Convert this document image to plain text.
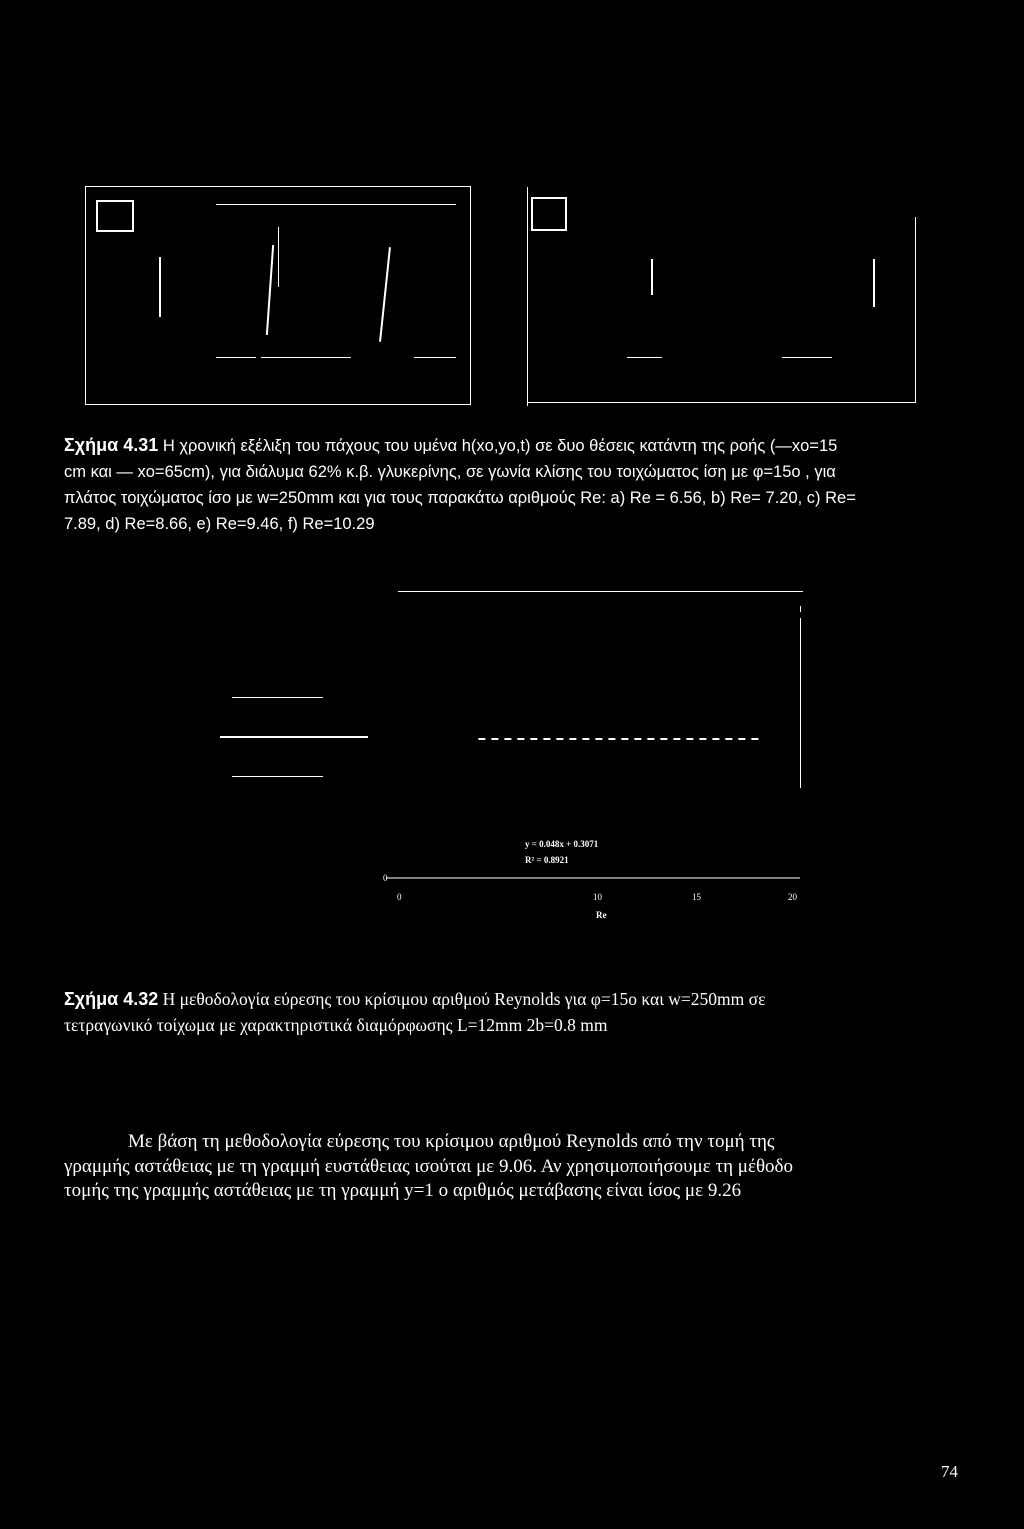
Σχήμα 4.31 Η χρονική εξέλιξη του πάχους του υμένα h(xo,yo,t) σε δυο θέσεις κατάντη της ροής (—xo=15
cm και — xo=65cm), για διάλυμα 62% κ.β. γλυκερίνης, σε γωνία κλίσης του τοιχώματος ίση με φ=15o , για
πλάτος τοιχώματος ίσο με w=250mm και για τους παρακάτω αριθμούς Re: a) Re = 6.56, b) Re= 7.20, c) Re=
7.89, d) Re=8.66, e) Re=9.46, f) Re=10.29

y = 0.048x + 0.3071
R² = 0.8921
0
0	10	15	20
Re

Σχήμα 4.32 Η μεθοδολογία εύρεσης του κρίσιμου αριθμού Reynolds για φ=15ο και w=250mm σε
τετραγωνικό τοίχωμα με χαρακτηριστικά διαμόρφωσης L=12mm 2b=0.8 mm

Με βάση τη μεθοδολογία εύρεσης του κρίσιμου αριθμού Reynolds από την τομή της
γραμμής αστάθειας με τη γραμμή ευστάθειας ισούται με 9.06. Αν χρησιμοποιήσουμε τη μέθοδο
τομής της γραμμής αστάθειας με τη γραμμή y=1 ο αριθμός μετάβασης είναι ίσος με 9.26
74
